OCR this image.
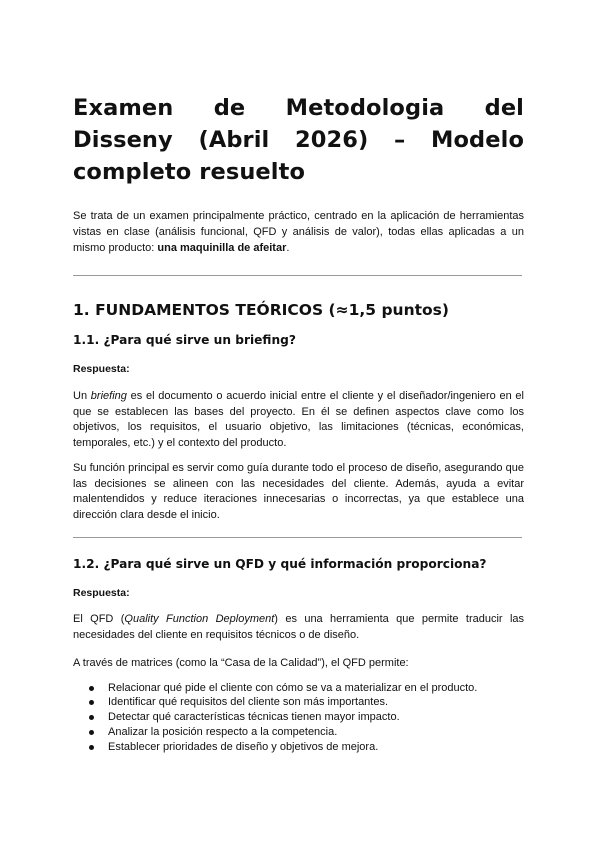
Examen de Metodologia del Disseny (Abril 2026) – Modelo completo resuelto

Se trata de un examen principalmente práctico, centrado en la aplicación de herramientas vistas en clase (análisis funcional, QFD y análisis de valor), todas ellas aplicadas a un mismo producto: una maquinilla de afeitar.

1. FUNDAMENTOS TEÓRICOS (≈1,5 puntos)
1.1. ¿Para qué sirve un briefing?
Respuesta:

Un briefing es el documento o acuerdo inicial entre el cliente y el diseñador/ingeniero en el que se establecen las bases del proyecto. En él se definen aspectos clave como los objetivos, los requisitos, el usuario objetivo, las limitaciones (técnicas, económicas, temporales, etc.) y el contexto del producto.

Su función principal es servir como guía durante todo el proceso de diseño, asegurando que las decisiones se alineen con las necesidades del cliente. Además, ayuda a evitar malentendidos y reduce iteraciones innecesarias o incorrectas, ya que establece una dirección clara desde el inicio.

1.2. ¿Para qué sirve un QFD y qué información proporciona?
Respuesta:

El QFD (Quality Function Deployment) es una herramienta que permite traducir las necesidades del cliente en requisitos técnicos o de diseño.

A través de matrices (como la “Casa de la Calidad”), el QFD permite:

Relacionar qué pide el cliente con cómo se va a materializar en el producto.
Identificar qué requisitos del cliente son más importantes.
Detectar qué características técnicas tienen mayor impacto.
Analizar la posición respecto a la competencia.
Establecer prioridades de diseño y objetivos de mejora.
